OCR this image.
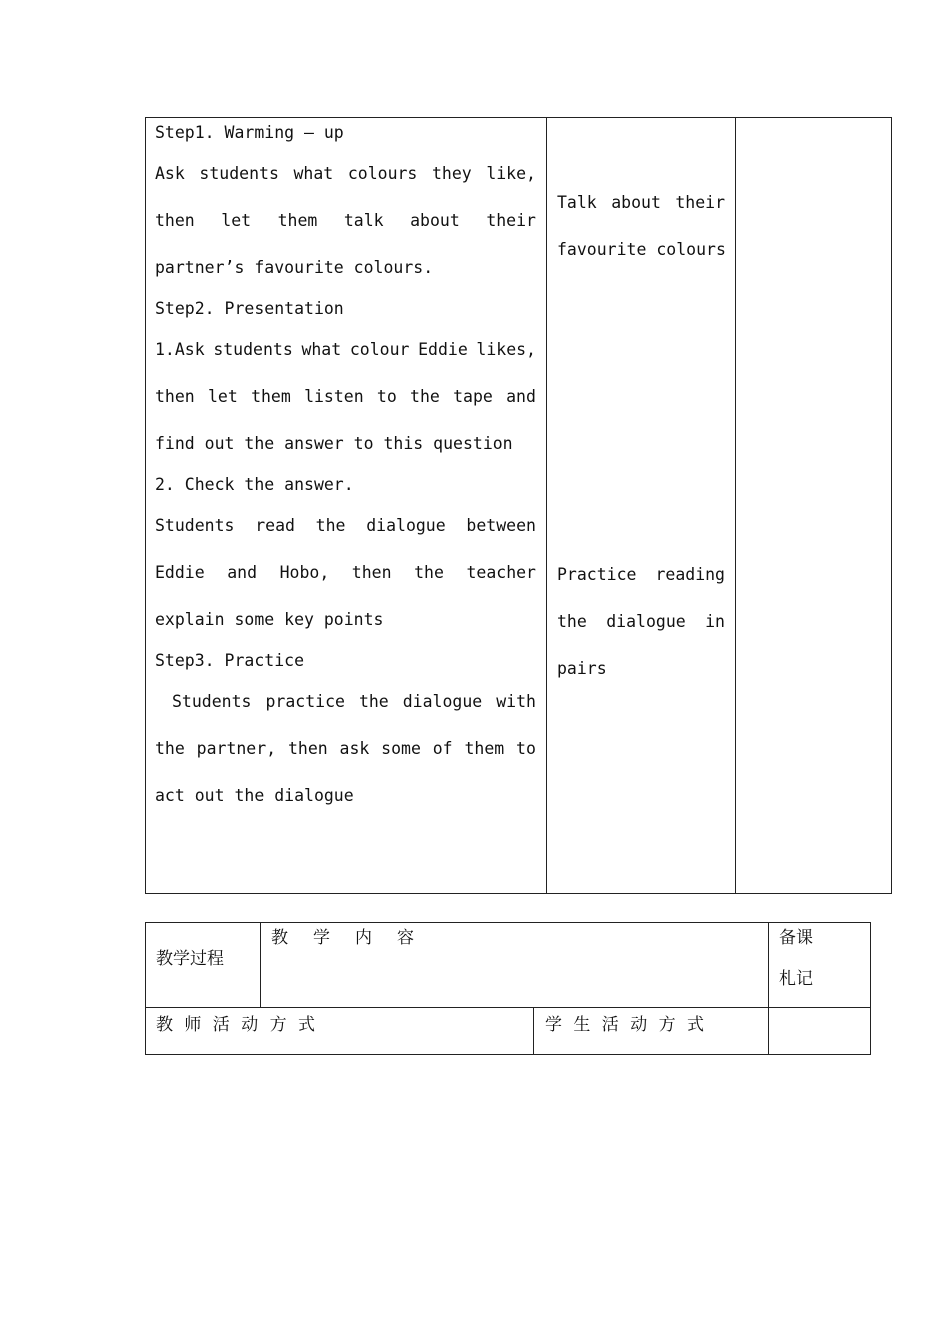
Step1. Warming – up
Ask students what colours they like,
then let them talk about their
partner’s favourite colours.
Step2. Presentation
1.Ask students what colour Eddie likes,
then let them listen to the tape and
find out the answer to this question
2. Check the answer.
Students read the dialogue between
Eddie and Hobo, then the teacher
explain some key points
Step3. Practice
Students practice the dialogue with
the partner, then ask some of them to
act out the dialogue
Talk about their
favourite colours
Practice reading
the dialogue in
pairs
教学过程
教　学　内　容	备课
札记
教 师 活 动 方 式	学 生 活 动 方 式
